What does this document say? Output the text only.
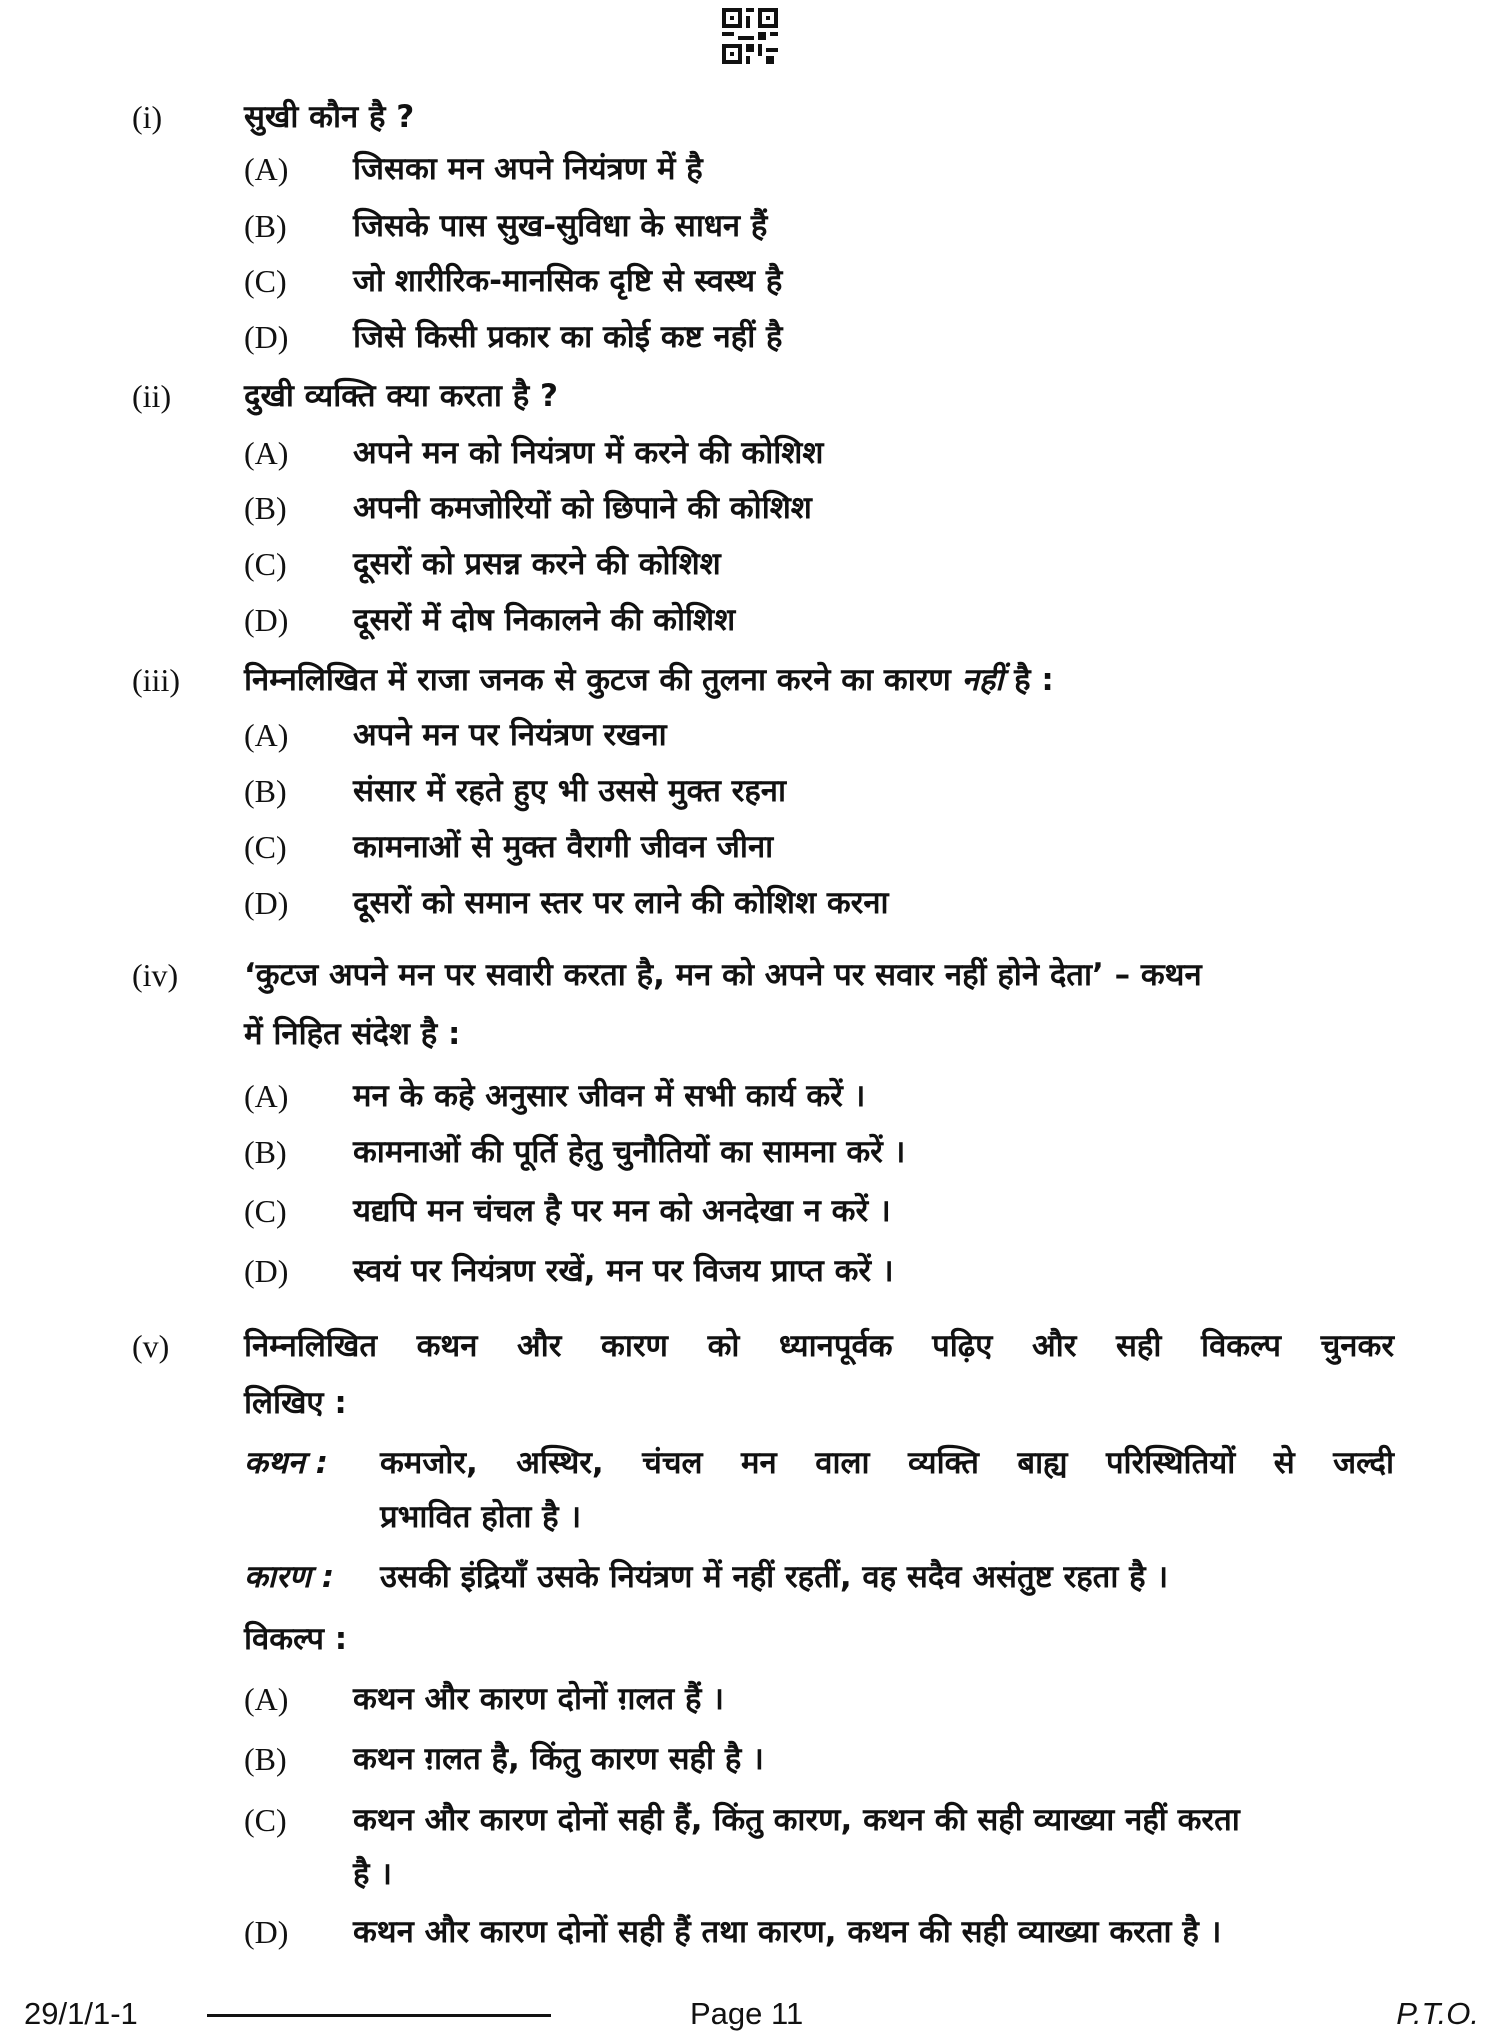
(i)	सुखी कौन है ?
(A) जिसका मन अपने नियंत्रण में है
(B) जिसके पास सुख-सुविधा के साधन हैं
(C) जो शारीरिक-मानसिक दृष्टि से स्वस्थ है
(D) जिसे किसी प्रकार का कोई कष्ट नहीं है
(ii) दुखी व्यक्ति क्या करता है ?
(A) अपने मन को नियंत्रण में करने की कोशिश
(B) अपनी कमजोरियों को छिपाने की कोशिश
(C) दूसरों को प्रसन्न करने की कोशिश
(D) दूसरों में दोष निकालने की कोशिश
(iii) निम्नलिखित में राजा जनक से कुटज की तुलना करने का कारण नहीं है :
(A) अपने मन पर नियंत्रण रखना
(B) संसार में रहते हुए भी उससे मुक्त रहना
(C) कामनाओं से मुक्त वैरागी जीवन जीना
(D) दूसरों को समान स्तर पर लाने की कोशिश करना
(iv) ‘कुटज अपने मन पर सवारी करता है, मन को अपने पर सवार नहीं होने देता’ – कथन
में निहित संदेश है :
(A) मन के कहे अनुसार जीवन में सभी कार्य करें ।
(B) कामनाओं की पूर्ति हेतु चुनौतियों का सामना करें ।
(C) यद्यपि मन चंचल है पर मन को अनदेखा न करें ।
(D) स्वयं पर नियंत्रण रखें, मन पर विजय प्राप्त करें ।
(v) निम्नलिखित कथन और कारण को ध्यानपूर्वक पढ़िए और सही विकल्प चुनकर
लिखिए :
कथन : कमजोर, अस्थिर, चंचल मन वाला व्यक्ति बाह्य परिस्थितियों से जल्दी
प्रभावित होता है ।
कारण : उसकी इंद्रियाँ उसके नियंत्रण में नहीं रहतीं, वह सदैव असंतुष्ट रहता है ।
विकल्प :
(A) कथन और कारण दोनों ग़लत हैं ।
(B) कथन ग़लत है, किंतु कारण सही है ।
(C) कथन और कारण दोनों सही हैं, किंतु कारण, कथन की सही व्याख्या नहीं करता
है ।
(D) कथन और कारण दोनों सही हैं तथा कारण, कथन की सही व्याख्या करता है ।
29/1/1-1	Page 11	P.T.O.
